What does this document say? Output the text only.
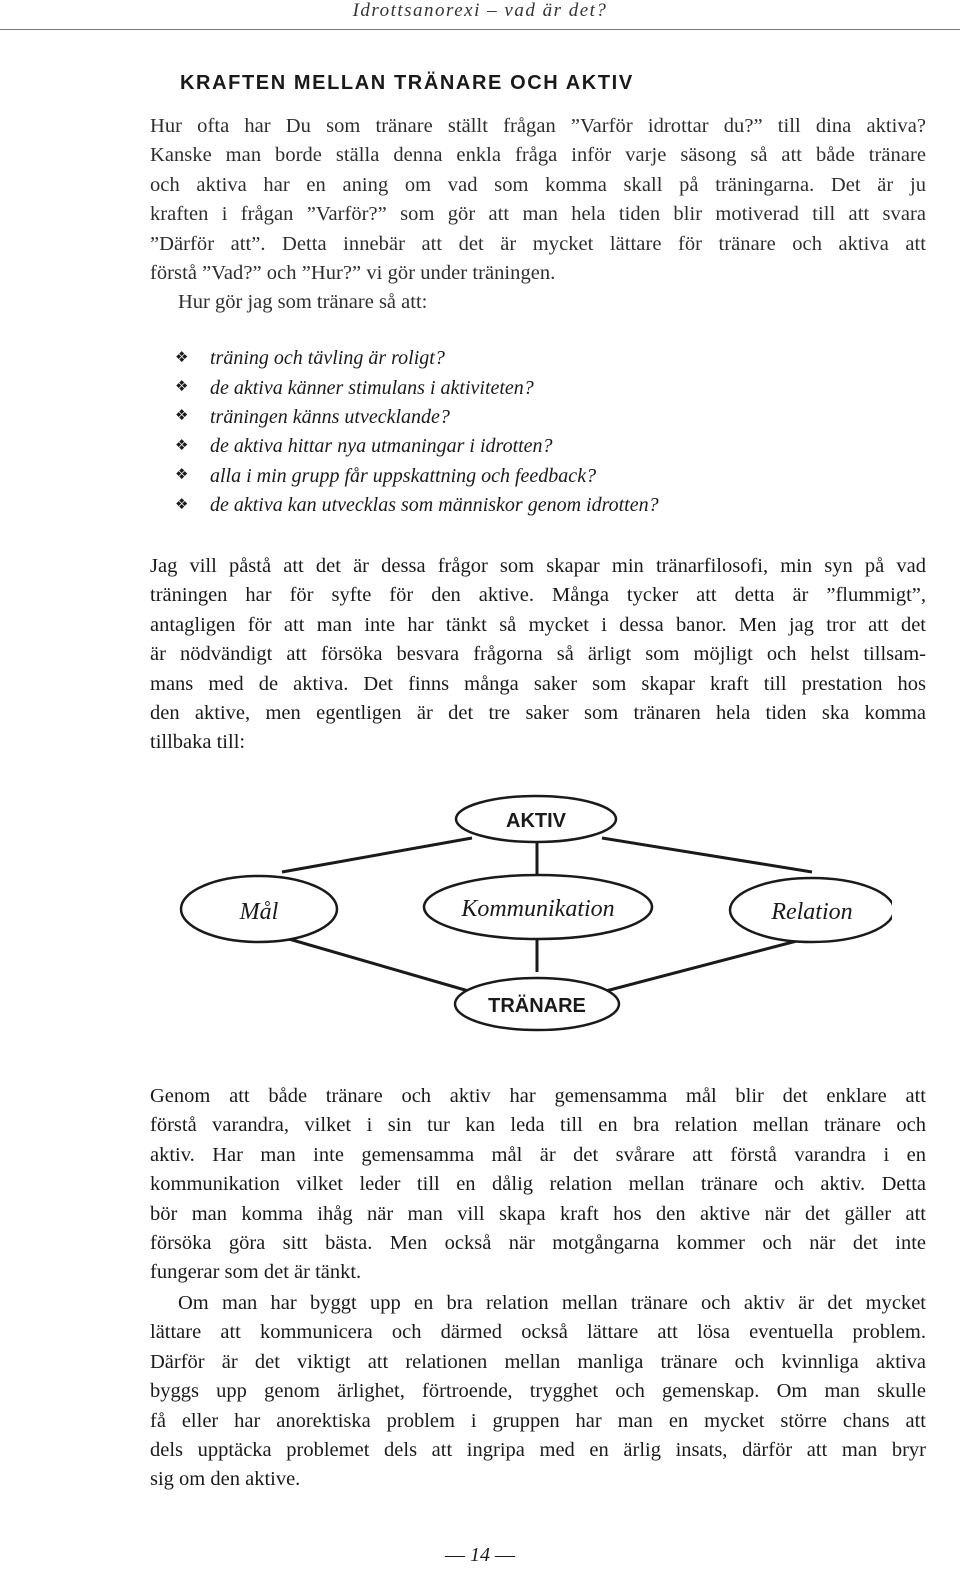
Idrottsanorexi – vad är det?
KRAFTEN MELLAN TRÄNARE OCH AKTIV
Hur ofta har Du som tränare ställt frågan ”Varför idrottar du?” till dina aktiva?
Kanske man borde ställa denna enkla fråga inför varje säsong så att både tränare
och aktiva har en aning om vad som komma skall på träningarna. Det är ju
kraften i frågan ”Varför?” som gör att man hela tiden blir motiverad till att svara
”Därför att”. Detta innebär att det är mycket lättare för tränare och aktiva att
förstå ”Vad?” och ”Hur?” vi gör under träningen.
Hur gör jag som tränare så att:
❖
träning och tävling är roligt?
❖
de aktiva känner stimulans i aktiviteten?
❖
träningen känns utvecklande?
❖
de aktiva hittar nya utmaningar i idrotten?
❖
alla i min grupp får uppskattning och feedback?
❖
de aktiva kan utvecklas som människor genom idrotten?
Jag vill påstå att det är dessa frågor som skapar min tränarfilosofi, min syn på vad
träningen har för syfte för den aktive. Många tycker att detta är ”flummigt”,
antagligen för att man inte har tänkt så mycket i dessa banor. Men jag tror att det
är nödvändigt att försöka besvara frågorna så ärligt som möjligt och helst tillsam-
mans med de aktiva. Det finns många saker som skapar kraft till prestation hos
den aktive, men egentligen är det tre saker som tränaren hela tiden ska komma
tillbaka till:
Genom att både tränare och aktiv har gemensamma mål blir det enklare att
förstå varandra, vilket i sin tur kan leda till en bra relation mellan tränare och
aktiv. Har man inte gemensamma mål är det svårare att förstå varandra i en
kommunikation vilket leder till en dålig relation mellan tränare och aktiv. Detta
bör man komma ihåg när man vill skapa kraft hos den aktive när det gäller att
försöka göra sitt bästa. Men också när motgångarna kommer och när det inte
fungerar som det är tänkt.
Om man har byggt upp en bra relation mellan tränare och aktiv är det mycket
lättare att kommunicera och därmed också lättare att lösa eventuella problem.
Därför är det viktigt att relationen mellan manliga tränare och kvinnliga aktiva
byggs upp genom ärlighet, förtroende, trygghet och gemenskap. Om man skulle
få eller har anorektiska problem i gruppen har man en mycket större chans att
dels upptäcka problemet dels att ingripa med en ärlig insats, därför att man bryr
sig om den aktive.
AKTIV
Mål	Kommunikation	Relation
TRÄNARE
— 14 —
